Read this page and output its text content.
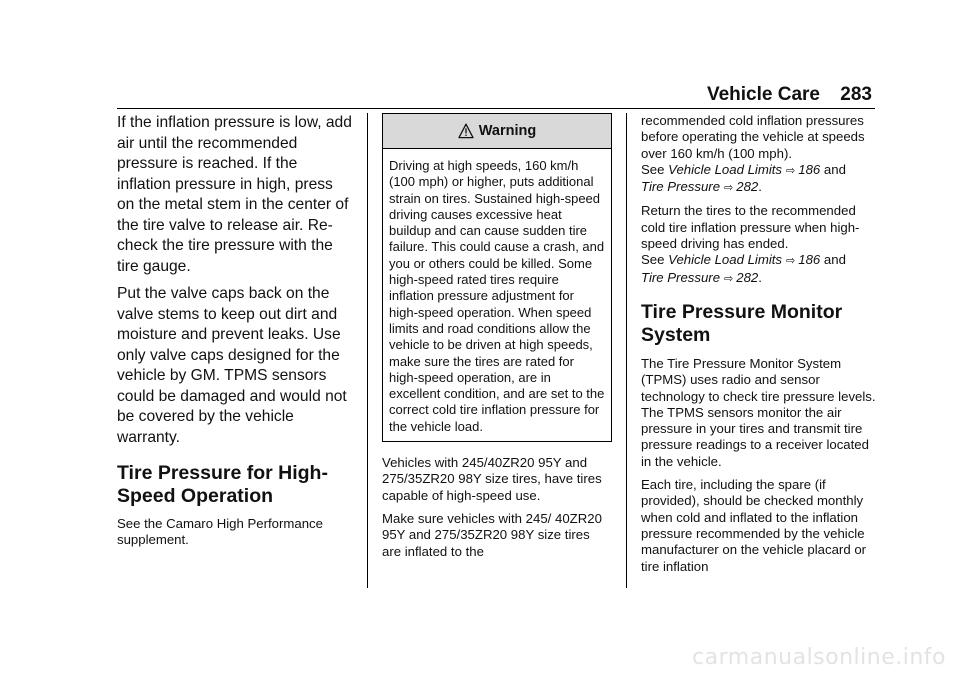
Vehicle Care 283

If the inflation pressure is low, add air until the recommended pressure is reached. If the inflation pressure in high, press on the metal stem in the center of the tire valve to release air. Re-check the tire pressure with the tire gauge.

Put the valve caps back on the valve stems to keep out dirt and moisture and prevent leaks. Use only valve caps designed for the vehicle by GM. TPMS sensors could be damaged and would not be covered by the vehicle warranty.

Tire Pressure for High-Speed Operation

See the Camaro High Performance supplement.

Warning
Driving at high speeds, 160 km/h (100 mph) or higher, puts additional strain on tires. Sustained high-speed driving causes excessive heat buildup and can cause sudden tire failure. This could cause a crash, and you or others could be killed. Some high-speed rated tires require inflation pressure adjustment for high-speed operation. When speed limits and road conditions allow the vehicle to be driven at high speeds, make sure the tires are rated for high-speed operation, are in excellent condition, and are set to the correct cold tire inflation pressure for the vehicle load.

Vehicles with 245/40ZR20 95Y and 275/35ZR20 98Y size tires, have tires capable of high-speed use.

Make sure vehicles with 245/ 40ZR20 95Y and 275/35ZR20 98Y size tires are inflated to the

recommended cold inflation pressures before operating the vehicle at speeds over 160 km/h (100 mph).
See Vehicle Load Limits ⇨ 186 and
Tire Pressure ⇨ 282.

Return the tires to the recommended cold tire inflation pressure when high-speed driving has ended.
See Vehicle Load Limits ⇨ 186 and
Tire Pressure ⇨ 282.

Tire Pressure Monitor System

The Tire Pressure Monitor System (TPMS) uses radio and sensor technology to check tire pressure levels. The TPMS sensors monitor the air pressure in your tires and transmit tire pressure readings to a receiver located in the vehicle.

Each tire, including the spare (if provided), should be checked monthly when cold and inflated to the inflation pressure recommended by the vehicle manufacturer on the vehicle placard or tire inflation

carmanualsonline.info
